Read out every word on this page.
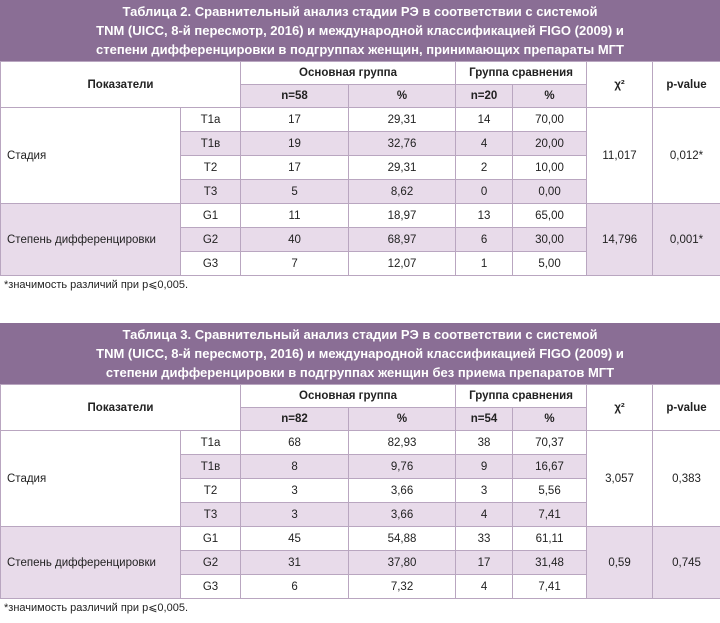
Таблица 2. Сравнительный анализ стадии РЭ в соответствии с системой
TNM (UICC, 8-й пересмотр, 2016) и международной классификацией FIGO (2009) и
степени дифференцировки в подгруппах женщин, принимающих препараты МГТ
Показатели		Основная группа		Группа сравнения		χ²	p-value
		n=58	%	n=20	%		
Стадия	T1a	17	29,31	14	70,00	11,017	0,012*
	T1в	19	32,76	4	20,00		
	T2	17	29,31	2	10,00		
	T3	5	8,62	0	0,00		
Степень дифференцировки	G1	11	18,97	13	65,00	14,796	0,001*
	G2	40	68,97	6	30,00		
	G3	7	12,07	1	5,00		
*значимость различий при p⩽0,005.
Таблица 3. Сравнительный анализ стадии РЭ в соответствии с системой
TNM (UICC, 8-й пересмотр, 2016) и международной классификацией FIGO (2009) и
степени дифференцировки в подгруппах женщин без приема препаратов МГТ
Показатели		Основная группа		Группа сравнения		χ²	p-value
		n=82	%	n=54	%		
Стадия	T1a	68	82,93	38	70,37	3,057	0,383
	T1в	8	9,76	9	16,67		
	T2	3	3,66	3	5,56		
	T3	3	3,66	4	7,41		
Степень дифференцировки	G1	45	54,88	33	61,11	0,59	0,745
	G2	31	37,80	17	31,48		
	G3	6	7,32	4	7,41		
*значимость различий при p⩽0,005.
